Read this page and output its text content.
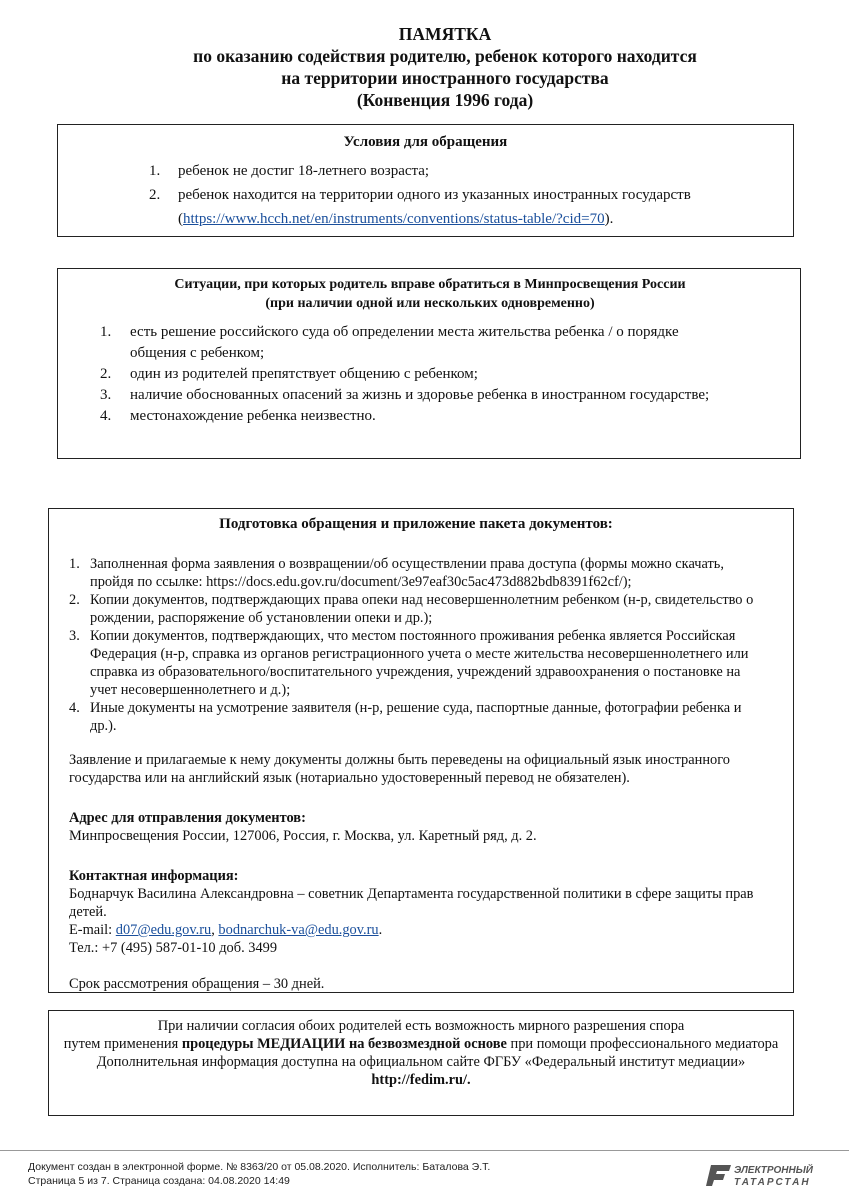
ПАМЯТКА
по оказанию содействия родителю, ребенок которого находится
на территории иностранного государства
(Конвенция 1996 года)
Условия для обращения
1. ребенок не достиг 18-летнего возраста;
2. ребенок находится на территории одного из указанных иностранных государств
(https://www.hcch.net/en/instruments/conventions/status-table/?cid=70).
Ситуации, при которых родитель вправе обратиться в Минпросвещения России
(при наличии одной или нескольких одновременно)
1. есть решение российского суда об определении места жительства ребенка / о порядке общения с ребенком;
2. один из родителей препятствует общению с ребенком;
3. наличие обоснованных опасений за жизнь и здоровье ребенка в иностранном государстве;
4. местонахождение ребенка неизвестно.
Подготовка обращения и приложение пакета документов:
1. Заполненная форма заявления о возвращении/об осуществлении права доступа (формы можно скачать, пройдя по ссылке: https://docs.edu.gov.ru/document/3e97eaf30c5ac473d882bdb8391f62cf/);
2. Копии документов, подтверждающих права опеки над несовершеннолетним ребенком (н-р, свидетельство о рождении, распоряжение об установлении опеки и др.);
3. Копии документов, подтверждающих, что местом постоянного проживания ребенка является Российская Федерация (н-р, справка из органов регистрационного учета о месте жительства несовершеннолетнего или справка из образовательного/воспитательного учреждения, учреждений здравоохранения о постановке на учет несовершеннолетнего и д.);
4. Иные документы на усмотрение заявителя (н-р, решение суда, паспортные данные, фотографии ребенка и др.).

Заявление и прилагаемые к нему документы должны быть переведены на официальный язык иностранного государства или на английский язык (нотариально удостоверенный перевод не обязателен).

Адрес для отправления документов:

Минпросвещения России, 127006, Россия, г. Москва, ул. Каретный ряд, д. 2.

Контактная информация:

Боднарчук Василина Александровна – советник Департамента государственной политики в сфере защиты прав детей.

E-mail: d07@edu.gov.ru, bodnarchuk-va@edu.gov.ru.

Тел.: +7 (495) 587-01-10 доб. 3499

Срок рассмотрения обращения – 30 дней.

При наличии согласия обоих родителей есть возможность мирного разрешения спора

путем применения процедуры МЕДИАЦИИ на безвозмездной основе при помощи профессионального медиатора

Дополнительная информация доступна на официальном сайте ФГБУ «Федеральный институт медиации»

http://fedim.ru/.

Документ создан в электронной форме. № 8363/20 от 05.08.2020. Исполнитель: Баталова Э.Т.
Страница 5 из 7. Страница создана: 04.08.2020 14:49
ЭЛЕКТРОННЫЙ
ТАТАРСТАН
